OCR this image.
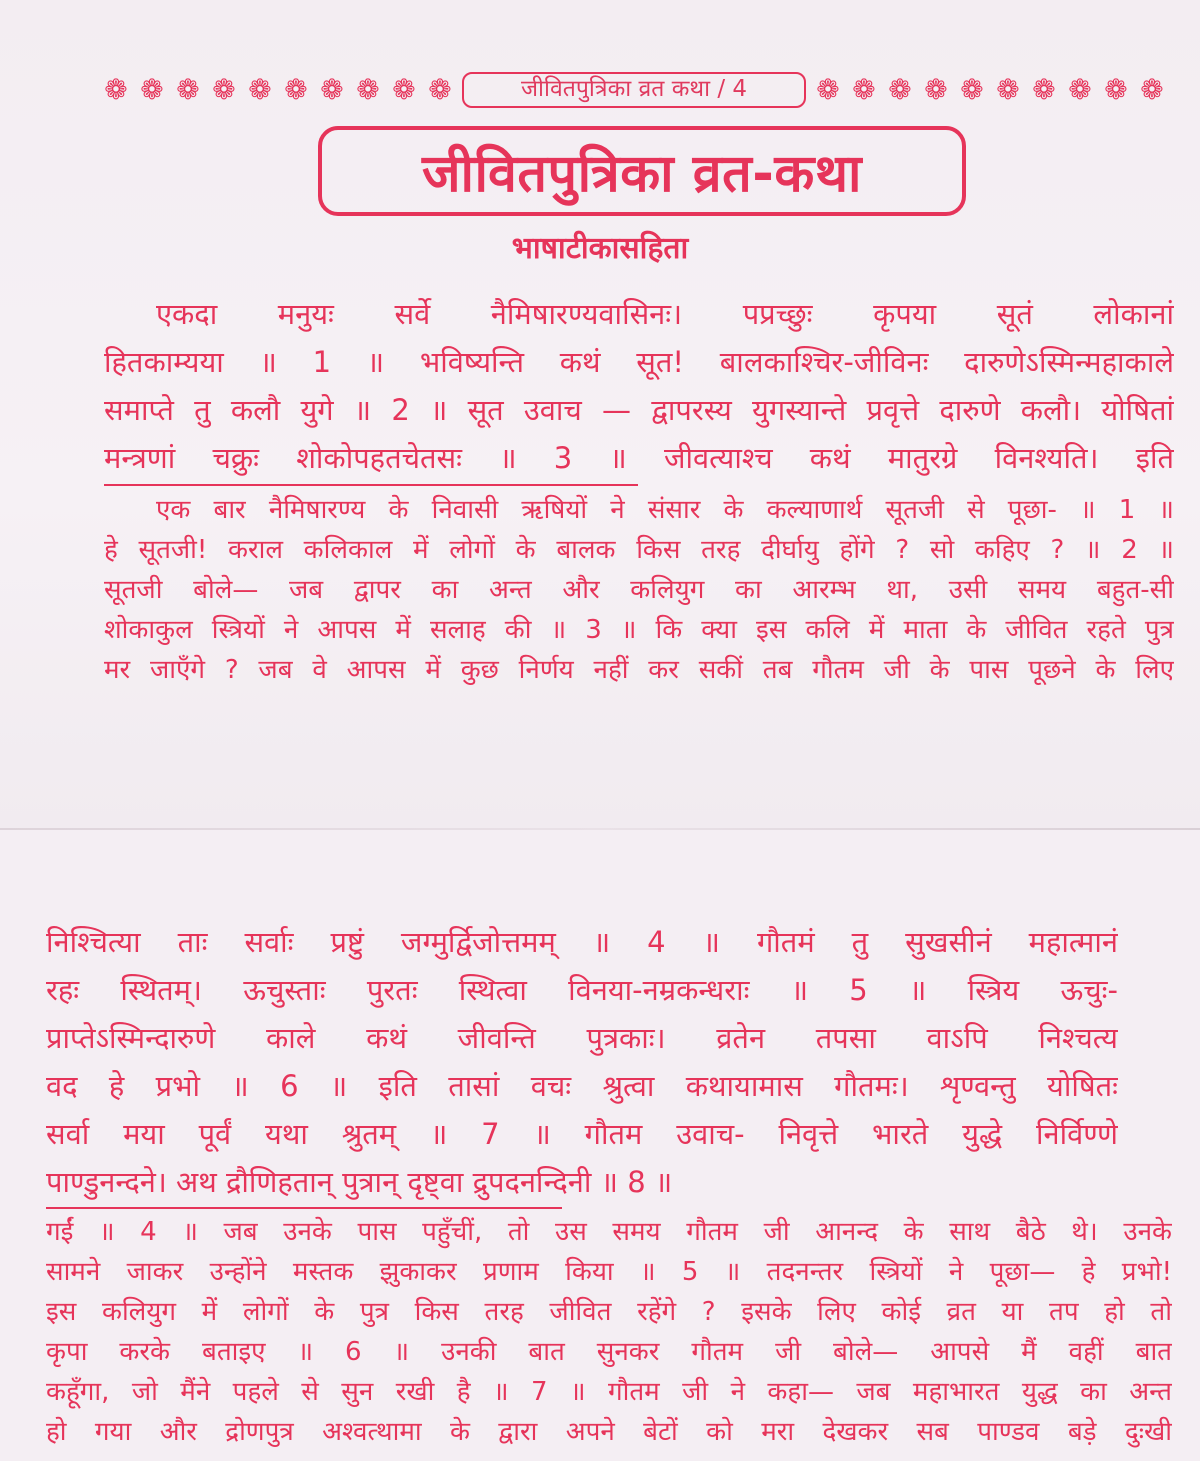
❁ ❁ ❁ ❁ ❁ ❁ ❁ ❁ ❁ ❁	जीवितपुत्रिका व्रत कथा / 4	❁ ❁ ❁ ❁ ❁ ❁ ❁ ❁ ❁ ❁
जीवितपुत्रिका व्रत-कथा
भाषाटीकासहिता
एकदा मनुयः सर्वे नैमिषारण्यवासिनः। पप्रच्छुः कृपया सूतं लोकानां
हितकाम्यया ॥ 1 ॥ भविष्यन्ति कथं सूत! बालकाश्चिर-जीविनः दारुणेऽस्मिन्महाकाले
समाप्ते तु कलौ युगे ॥ 2 ॥ सूत उवाच — द्वापरस्य युगस्यान्ते प्रवृत्ते दारुणे कलौ। योषितां
मन्त्रणां चक्रुः शोकोपहतचेतसः ॥ 3 ॥ जीवत्याश्च कथं मातुरग्रे विनश्यति। इति
एक बार नैमिषारण्य के निवासी ऋषियों ने संसार के कल्याणार्थ सूतजी से पूछा- ॥ 1 ॥
हे सूतजी! कराल कलिकाल में लोगों के बालक किस तरह दीर्घायु होंगे ? सो कहिए ? ॥ 2 ॥
सूतजी बोले— जब द्वापर का अन्त और कलियुग का आरम्भ था, उसी समय बहुत-सी
शोकाकुल स्त्रियों ने आपस में सलाह की ॥ 3 ॥ कि क्या इस कलि में माता के जीवित रहते पुत्र
मर जाएँगे ? जब वे आपस में कुछ निर्णय नहीं कर सकीं तब गौतम जी के पास पूछने के लिए
निश्चित्या ताः सर्वाः प्रष्टुं जग्मुर्द्विजोत्तमम् ॥ 4 ॥ गौतमं तु सुखसीनं महात्मानं
रहः स्थितम्। ऊचुस्ताः पुरतः स्थित्वा विनया-नम्रकन्धराः ॥ 5 ॥ स्त्रिय ऊचुः-
प्राप्तेऽस्मिन्दारुणे काले कथं जीवन्ति पुत्रकाः। व्रतेन तपसा वाऽपि निश्चत्य
वद हे प्रभो ॥ 6 ॥ इति तासां वचः श्रुत्वा कथायामास गौतमः। शृण्वन्तु योषितः
सर्वा मया पूर्वं यथा श्रुतम् ॥ 7 ॥ गौतम उवाच- निवृत्ते भारते युद्धे निर्विण्णे
पाण्डुनन्दने। अथ द्रौणिहतान् पुत्रान् दृष्ट्वा द्रुपदनन्दिनी ॥ 8 ॥
गईं ॥ 4 ॥ जब उनके पास पहुँचीं, तो उस समय गौतम जी आनन्द के साथ बैठे थे। उनके
सामने जाकर उन्होंने मस्तक झुकाकर प्रणाम किया ॥ 5 ॥ तदनन्तर स्त्रियों ने पूछा— हे प्रभो!
इस कलियुग में लोगों के पुत्र किस तरह जीवित रहेंगे ? इसके लिए कोई व्रत या तप हो तो
कृपा करके बताइए ॥ 6 ॥ उनकी बात सुनकर गौतम जी बोले— आपसे मैं वहीं बात
कहूँगा, जो मैंने पहले से सुन रखी है ॥ 7 ॥ गौतम जी ने कहा— जब महाभारत युद्ध का अन्त
हो गया और द्रोणपुत्र अश्वत्थामा के द्वारा अपने बेटों को मरा देखकर सब पाण्डव बड़े दुःखी
